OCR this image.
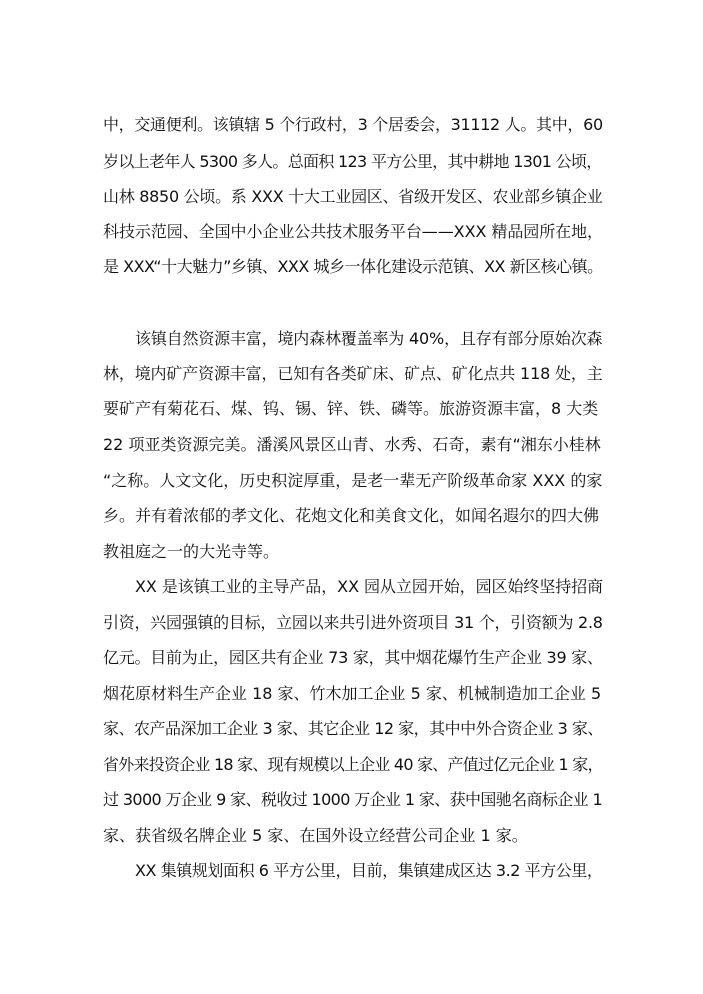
中，交通便利。该镇辖 5 个行政村，3 个居委会，31112 人。其中，60
岁以上老年人 5300 多人。总面积 123 平方公里，其中耕地 1301 公顷，
山林 8850 公顷。系 XXX 十大工业园区、省级开发区、农业部乡镇企业
科技示范园、全国中小企业公共技术服务平台——XXX 精品园所在地，
是 XXX“十大魅力”乡镇、XXX 城乡一体化建设示范镇、XX 新区核心镇。
该镇自然资源丰富，境内森林覆盖率为 40%，且存有部分原始次森
林，境内矿产资源丰富，已知有各类矿床、矿点、矿化点共 118 处，主
要矿产有菊花石、煤、钨、锡、锌、铁、磷等。旅游资源丰富，8 大类
22 项亚类资源完美。潘溪风景区山青、水秀、石奇，素有“湘东小桂林
“之称。人文文化，历史积淀厚重，是老一辈无产阶级革命家 XXX 的家
乡。并有着浓郁的孝文化、花炮文化和美食文化，如闻名遐尔的四大佛
教祖庭之一的大光寺等。
XX 是该镇工业的主导产品，XX 园从立园开始，园区始终坚持招商
引资，兴园强镇的目标，立园以来共引进外资项目 31 个，引资额为 2.8
亿元。目前为止，园区共有企业 73 家，其中烟花爆竹生产企业 39 家、
烟花原材料生产企业 18 家、竹木加工企业 5 家、机械制造加工企业 5
家、农产品深加工企业 3 家、其它企业 12 家，其中中外合资企业 3 家、
省外来投资企业 18 家、现有规模以上企业 40 家、产值过亿元企业 1 家，
过 3000 万企业 9 家、税收过 1000 万企业 1 家、获中国驰名商标企业 1
家、获省级名牌企业 5 家、在国外设立经营公司企业 1 家。
XX 集镇规划面积 6 平方公里，目前，集镇建成区达 3.2 平方公里，
